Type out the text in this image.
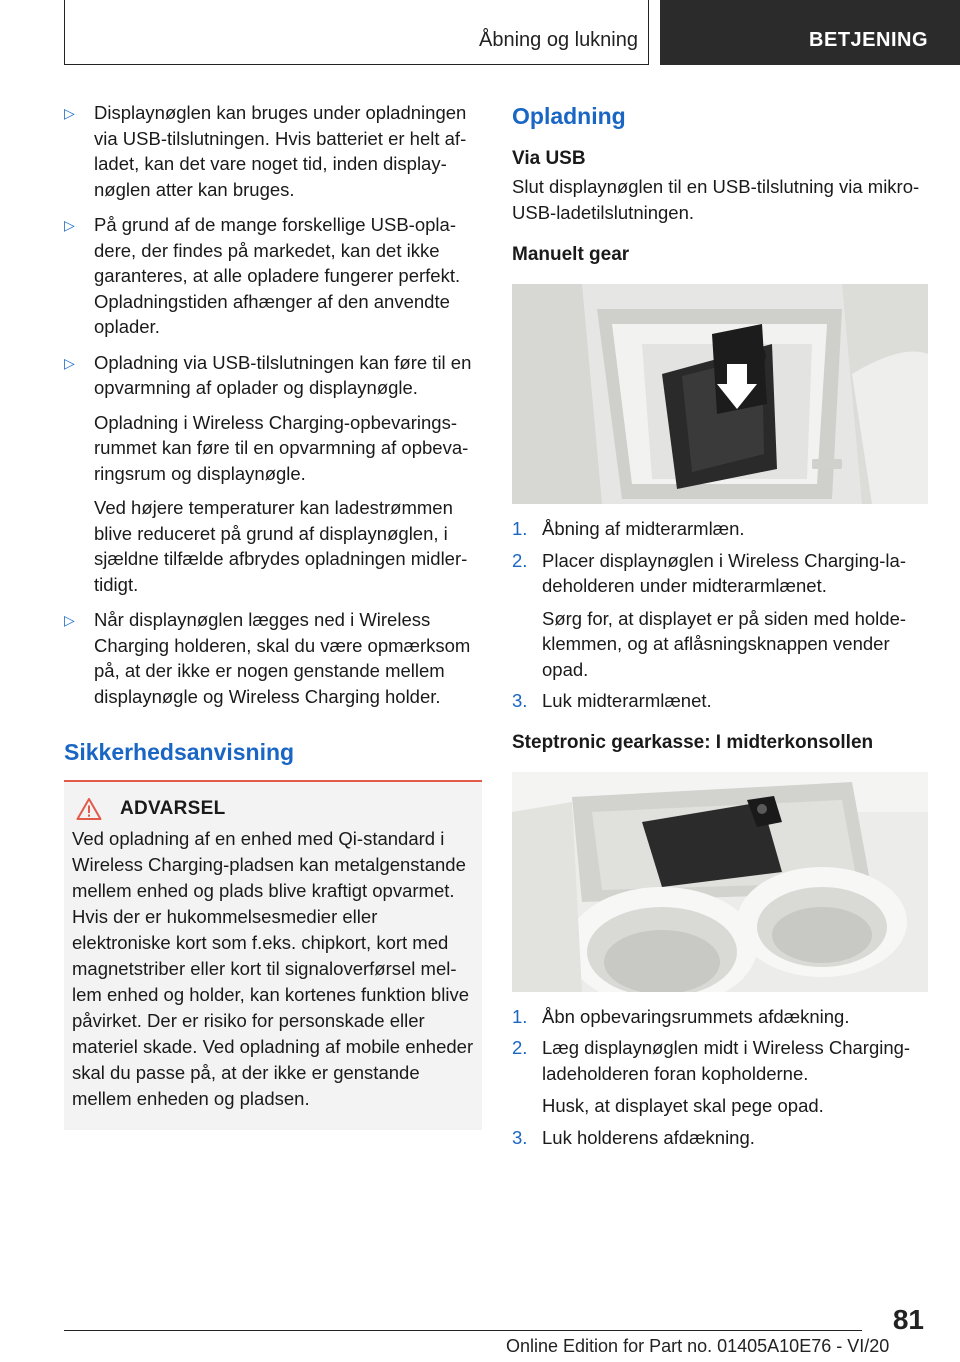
Åbning og lukning	BETJENING
▷ Displaynøglen kan bruges under opladningen via USB-tilslutningen. Hvis batteriet er helt afladet, kan det vare noget tid, inden displaynøglen atter kan bruges.

▷ På grund af de mange forskellige USB-opladere, der findes på markedet, kan det ikke garanteres, at alle opladere fungerer perfekt. Opladningstiden afhænger af den anvendte oplader.

▷ Opladning via USB-tilslutningen kan føre til en opvarmning af oplader og displaynøgle.

Opladning i Wireless Charging-opbevaringsrummet kan føre til en opvarmning af opbevaringsrum og displaynøgle.

Ved højere temperaturer kan ladestrømmen blive reduceret på grund af displaynøglen, i sjældne tilfælde afbrydes opladningen midlertidigt.

▷ Når displaynøglen lægges ned i Wireless Charging holderen, skal du være opmærksom på, at der ikke er nogen genstande mellem displaynøgle og Wireless Charging holder.

Sikkerhedsanvisning
ADVARSEL
Ved opladning af en enhed med Qi-standard i Wireless Charging-pladsen kan metalgenstande mellem enhed og plads blive kraftigt opvarmet. Hvis der er hukommelsesmedier eller elektroniske kort som f.eks. chipkort, kort med magnetstriber eller kort til signaloverførsel mellem enhed og holder, kan kortenes funktion blive påvirket. Der er risiko for personskade eller materiel skade. Ved opladning af mobile enheder skal du passe på, at der ikke er genstande mellem enheden og pladsen.
Opladning
Via USB
Slut displaynøglen til en USB-tilslutning via mikro-USB-ladetilslutningen.
Manuelt gear
1. Åbning af midterarmlæn.

2. Placer displaynøglen i Wireless Charging-ladeholderen under midterarmlænet.

Sørg for, at displayet er på siden med holdeklemmen, og at aflåsningsknappen vender opad.

3. Luk midterarmlænet.

Steptronic gearkasse: I midterkonsollen
1. Åbn opbevaringsrummets afdækning.

2. Læg displaynøglen midt i Wireless Charging-ladeholderen foran kopholderne.

Husk, at displayet skal pege opad.

3. Luk holderens afdækning.

81
Online Edition for Part no. 01405A10E76 - VI/20
